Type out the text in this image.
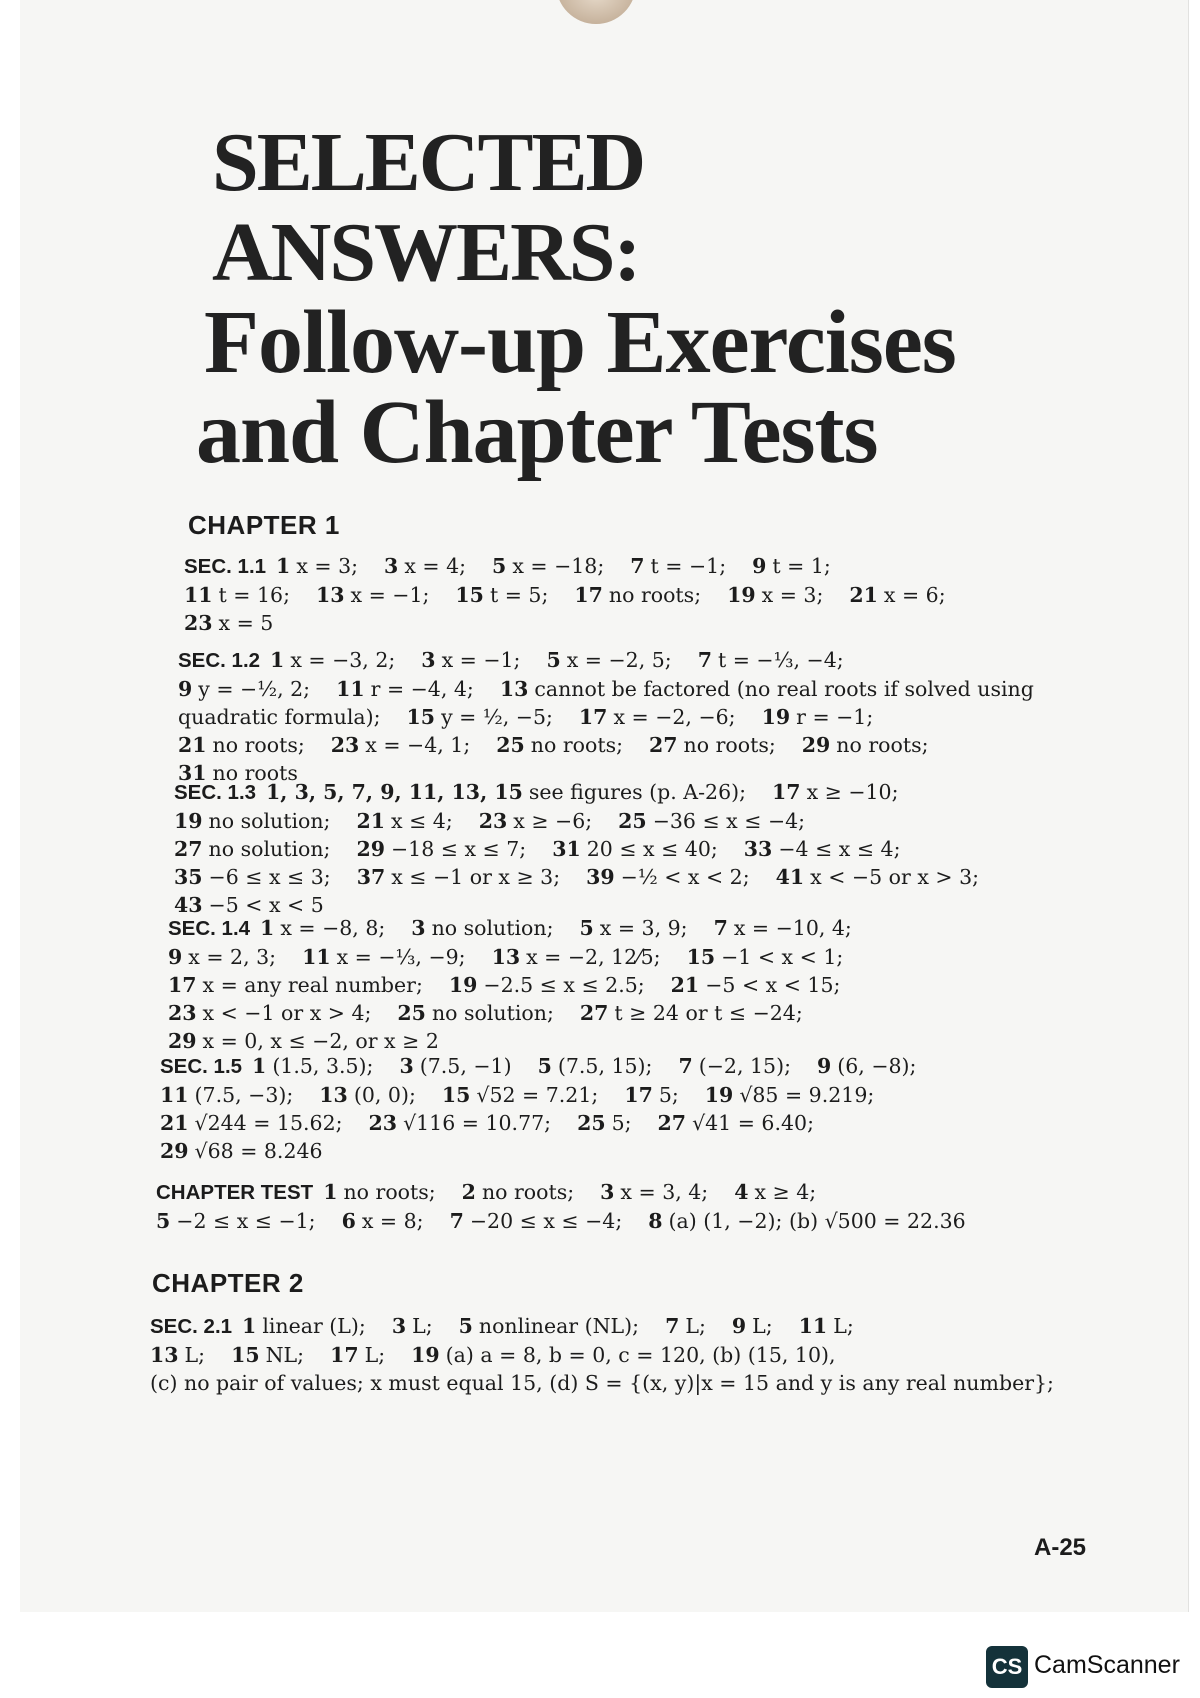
SELECTED
ANSWERS:
Follow-up Exercises
and Chapter Tests
CHAPTER 1
SEC. 1.1 1 x = 3; 3 x = 4; 5 x = −18; 7 t = −1; 9 t = 1;
11 t = 16; 13 x = −1; 15 t = 5; 17 no roots; 19 x = 3; 21 x = 6;
23 x = 5
SEC. 1.2 1 x = −3, 2; 3 x = −1; 5 x = −2, 5; 7 t = −⅓, −4;
9 y = −½, 2; 11 r = −4, 4; 13 cannot be factored (no real roots if solved using
quadratic formula); 15 y = ½, −5; 17 x = −2, −6; 19 r = −1;
21 no roots; 23 x = −4, 1; 25 no roots; 27 no roots; 29 no roots;
31 no roots
SEC. 1.3 1, 3, 5, 7, 9, 11, 13, 15 see figures (p. A-26); 17 x ≥ −10;
19 no solution; 21 x ≤ 4; 23 x ≥ −6; 25 −36 ≤ x ≤ −4;
27 no solution; 29 −18 ≤ x ≤ 7; 31 20 ≤ x ≤ 40; 33 −4 ≤ x ≤ 4;
35 −6 ≤ x ≤ 3; 37 x ≤ −1 or x ≥ 3; 39 −½ < x < 2; 41 x < −5 or x > 3;
43 −5 < x < 5
SEC. 1.4 1 x = −8, 8; 3 no solution; 5 x = 3, 9; 7 x = −10, 4;
9 x = 2, 3; 11 x = −⅓, −9; 13 x = −2, 12⁄5; 15 −1 < x < 1;
17 x = any real number; 19 −2.5 ≤ x ≤ 2.5; 21 −5 < x < 15;
23 x < −1 or x > 4; 25 no solution; 27 t ≥ 24 or t ≤ −24;
29 x = 0, x ≤ −2, or x ≥ 2
SEC. 1.5 1 (1.5, 3.5); 3 (7.5, −1) 5 (7.5, 15); 7 (−2, 15); 9 (6, −8);
11 (7.5, −3); 13 (0, 0); 15 √52 = 7.21; 17 5; 19 √85 = 9.219;
21 √244 = 15.62; 23 √116 = 10.77; 25 5; 27 √41 = 6.40;
29 √68 = 8.246
CHAPTER TEST 1 no roots; 2 no roots; 3 x = 3, 4; 4 x ≥ 4;
5 −2 ≤ x ≤ −1; 6 x = 8; 7 −20 ≤ x ≤ −4; 8 (a) (1, −2); (b) √500 = 22.36
CHAPTER 2
SEC. 2.1 1 linear (L); 3 L; 5 nonlinear (NL); 7 L; 9 L; 11 L;
13 L; 15 NL; 17 L; 19 (a) a = 8, b = 0, c = 120, (b) (15, 10),
(c) no pair of values; x must equal 15, (d) S = {(x, y)|x = 15 and y is any real number};
A-25
CS CamScanner
